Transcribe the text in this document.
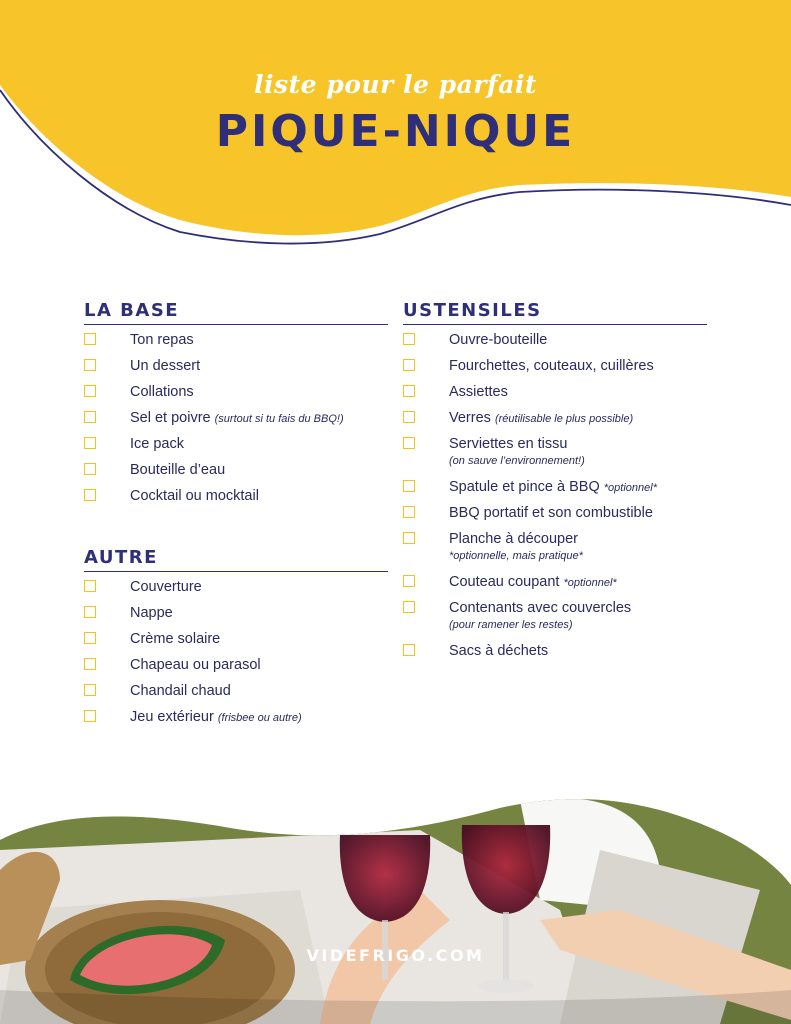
liste pour le parfait
PIQUE-NIQUE
LA BASE
Ton repas
Un dessert
Collations
Sel et poivre (surtout si tu fais du BBQ!)
Ice pack
Bouteille d’eau
Cocktail ou mocktail
AUTRE
Couverture
Nappe
Crème solaire
Chapeau ou parasol
Chandail chaud
Jeu extérieur (frisbee ou autre)
USTENSILES
Ouvre-bouteille
Fourchettes, couteaux, cuillères
Assiettes
Verres (réutilisable le plus possible)
Serviettes en tissu
(on sauve l’environnement!)
Spatule et pince à BBQ *optionnel*
BBQ portatif et son combustible
Planche à découper
*optionnelle, mais pratique*
Couteau coupant *optionnel*
Contenants avec couvercles
(pour ramener les restes)
Sacs à déchets
VIDEFRIGO.COM
